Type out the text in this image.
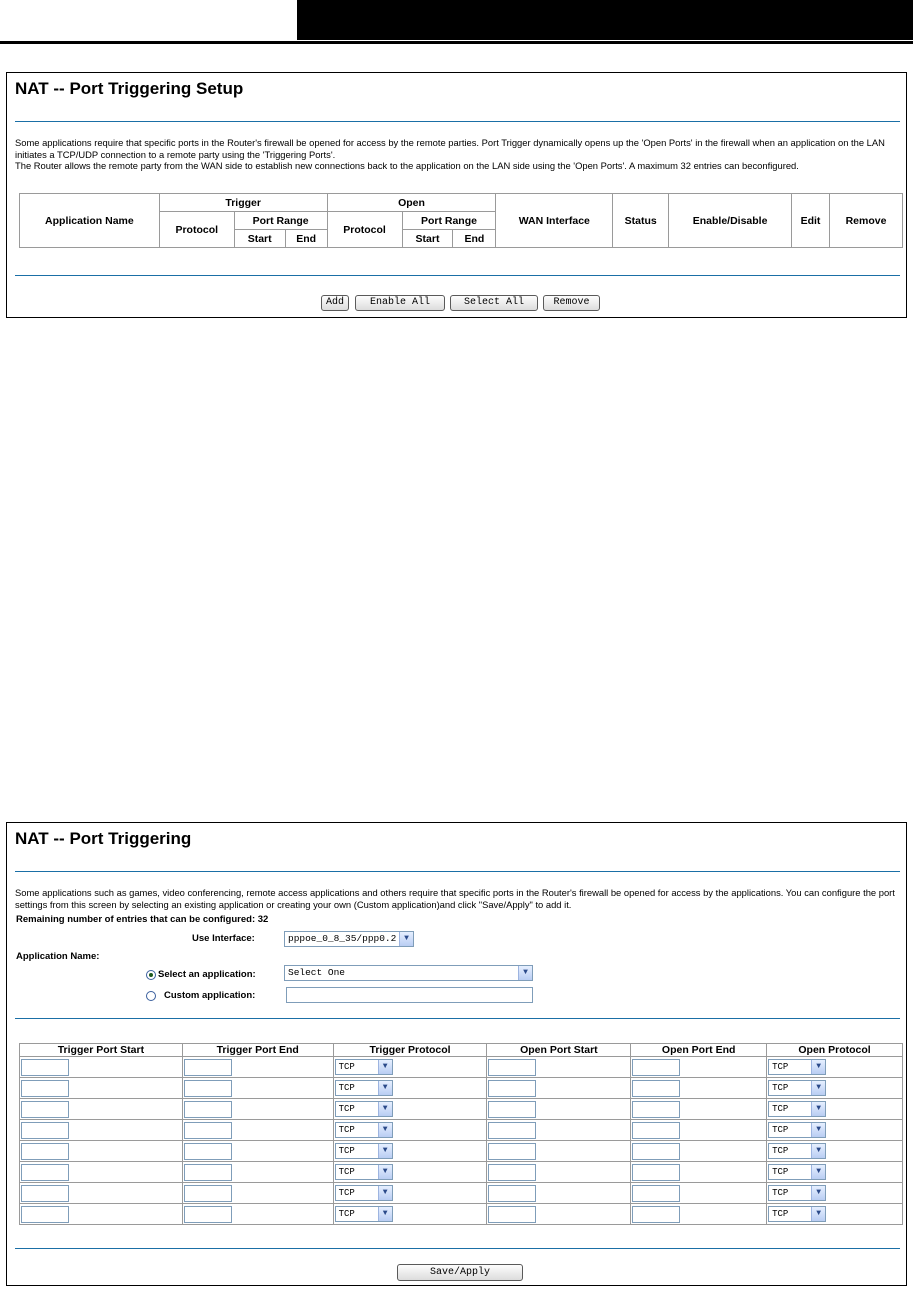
NAT -- Port Triggering Setup
Some applications require that specific ports in the Router's firewall be opened for access by the remote parties. Port Trigger dynamically opens up the 'Open Ports' in the firewall when an application on the LAN initiates a TCP/UDP connection to a remote party using the 'Triggering Ports'.
The Router allows the remote party from the WAN side to establish new connections back to the application on the LAN side using the 'Open Ports'. A maximum 32 entries can beconfigured.
Application Name	Trigger			Open			WAN Interface	Status	Enable/Disable	Edit	Remove
	Protocol	Port Range		Protocol	Port Range						
		Start	End		Start	End					
Add	Enable All	Select All	Remove
NAT -- Port Triggering
Some applications such as games, video conferencing, remote access applications and others require that specific ports in the Router's firewall be opened for access by the applications. You can configure the port settings from this screen by selecting an existing application or creating your own (Custom application)and click "Save/Apply" to add it.
Remaining number of entries that can be configured: 32
Use Interface:	pppoe_0_8_35/ppp0.2 ▼
Application Name:
Select an application:	Select One	▼
Custom application:
Trigger Port Start	Trigger Port End	Trigger Protocol	Open Port Start	Open Port End	Open Protocol

		TCP ▼			TCP ▼

		TCP ▼			TCP ▼

		TCP ▼			TCP ▼

		TCP ▼			TCP ▼

		TCP ▼			TCP ▼

		TCP ▼			TCP ▼

		TCP ▼			TCP ▼

		TCP ▼			TCP ▼
Save/Apply
